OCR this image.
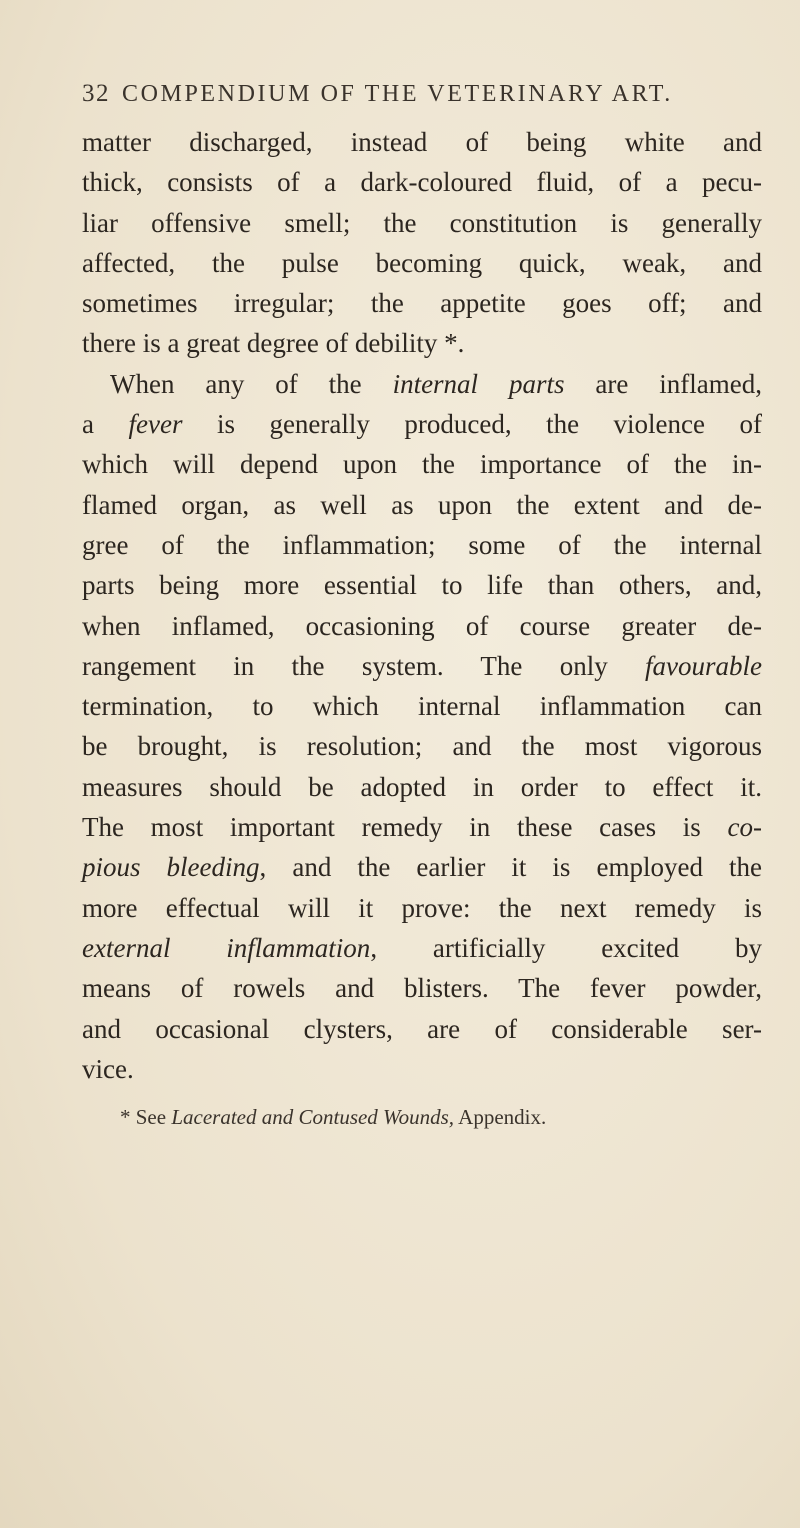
32 COMPENDIUM OF THE VETERINARY ART.
matter discharged, instead of being white and
thick, consists of a dark-coloured fluid, of a pecu-
liar offensive smell; the constitution is generally
affected, the pulse becoming quick, weak, and
sometimes irregular; the appetite goes off; and
there is a great degree of debility *.
When any of the internal parts are inflamed,
a fever is generally produced, the violence of
which will depend upon the importance of the in-
flamed organ, as well as upon the extent and de-
gree of the inflammation; some of the internal
parts being more essential to life than others, and,
when inflamed, occasioning of course greater de-
rangement in the system. The only favourable
termination, to which internal inflammation can
be brought, is resolution; and the most vigorous
measures should be adopted in order to effect it.
The most important remedy in these cases is co-
pious bleeding, and the earlier it is employed the
more effectual will it prove: the next remedy is
external inflammation, artificially excited by
means of rowels and blisters. The fever powder,
and occasional clysters, are of considerable ser-
vice.
* See Lacerated and Contused Wounds, Appendix.
